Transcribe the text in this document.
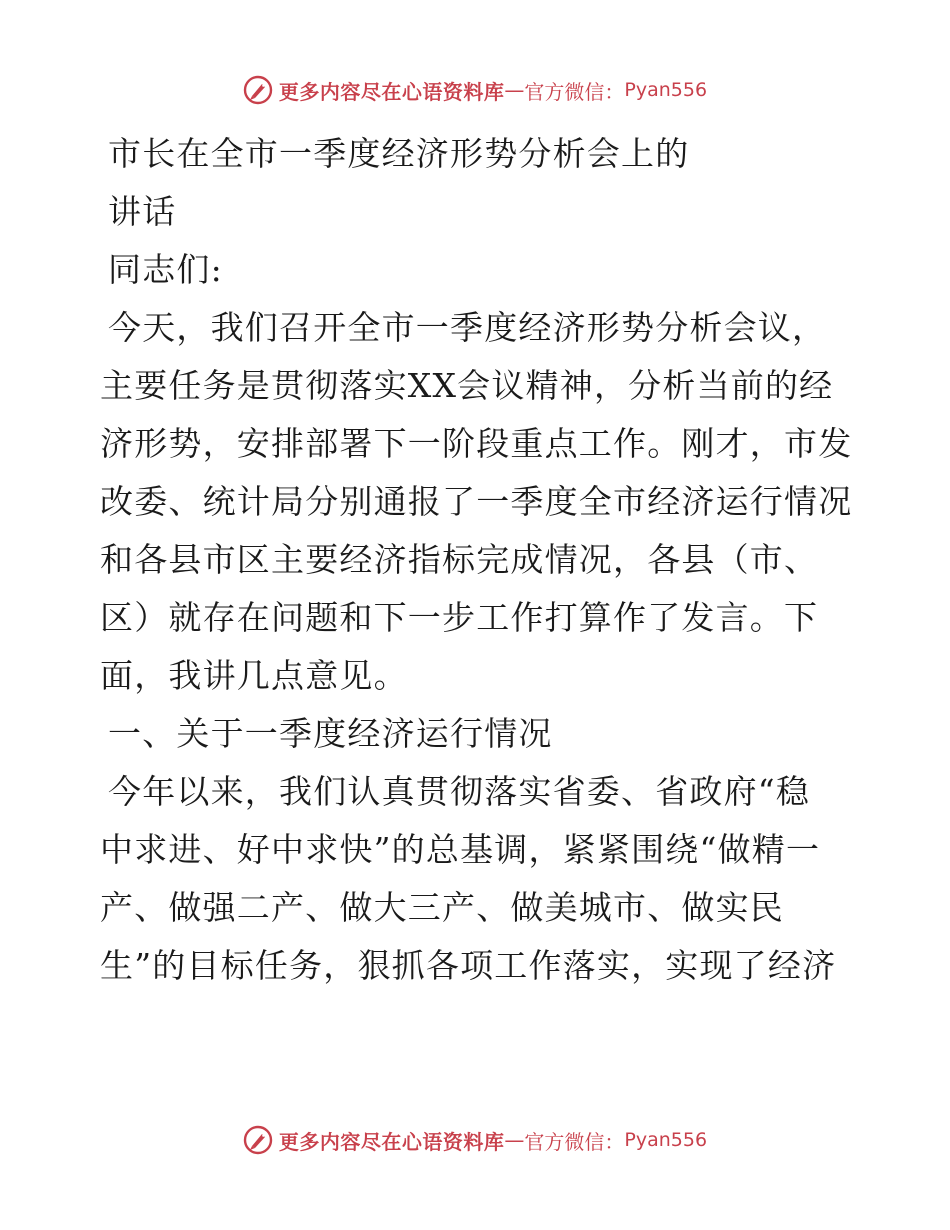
更多内容尽在心语资料库 — 官方微信： Pyan556
市长在全市一季度经济形势分析会上的
讲话
同志们:
今天，我们召开全市一季度经济形势分析会议，
主要任务是贯彻落实XX会议精神，分析当前的经
济形势，安排部署下一阶段重点工作。刚才，市发
改委、统计局分别通报了一季度全市经济运行情况
和各县市区主要经济指标完成情况，各县（市、
区）就存在问题和下一步工作打算作了发言。下
面，我讲几点意见。
一、关于一季度经济运行情况
今年以来，我们认真贯彻落实省委、省政府“稳
中求进、好中求快”的总基调，紧紧围绕“做精一
产、做强二产、做大三产、做美城市、做实民
生”的目标任务，狠抓各项工作落实，实现了经济
更多内容尽在心语资料库 — 官方微信： Pyan556
